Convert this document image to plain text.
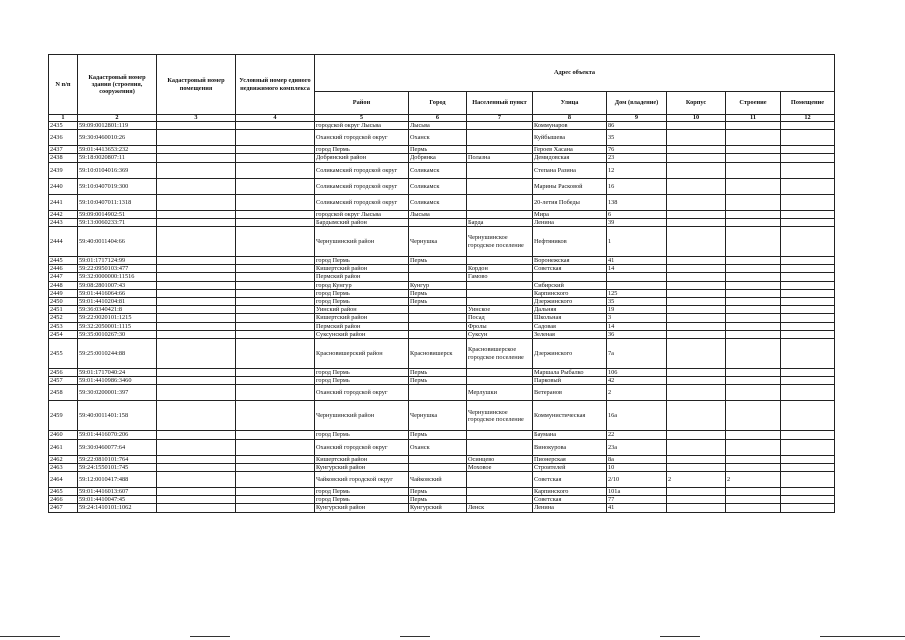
N п/п	Кадастровый номер здания (строения, сооружения)	Кадастровый номер помещения	Условный номер единого недвижимого комплекса	Адрес объекта							
				Район	Город	Населенный пункт	Улица	Дом (владение)	Корпус	Строение	Помещение
1	2	3	4	5	6	7	8	9	10	11	12
2435	59:09:0012801:119			городской округ Лысьва	Лысьва		Коммунаров	86			
2436	59:30:0460010:26			Оханский городской округ	Оханск		Куйбышева	35			
2437	59:01:4413653:232			город Пермь	Пермь		Героев Хасана	76			
2438	59:18:0020807:11			Добрянский район	Добрянка	Полазна	Демидовская	23			
2439	59:10:0104016:369			Соликамский городской округ	Соликамск		Степана Разина	12			
2440	59:10:0407019:300			Соликамский городской округ	Соликамск		Марины Расковой	16			
2441	59:10:0407011:1318			Соликамский городской округ	Соликамск		20-летия Победы	138			
2442	59:09:0014902:51			городской округ Лысьва	Лысьва		Мира	6			
2443	59:13:0060233:71			Бардымский район		Барда	Ленина	39			
2444	59:40:0011404:66			Чернушинский район	Чернушка	Чернушинское городское поселение	Нефтяников	1			
2445	59:01:1717124:99			город Пермь	Пермь		Воронежская	41			
2446	59:22:0950103:477			Кишертский район		Кордон	Советская	14			
2447	59:32:0000000:11516			Пермский район		Гамово					
2448	59:08:2801007:43			город Кунгур	Кунгур		Сибирский				
2449	59:01:4416064:66			город Пермь	Пермь		Карпинского	125			
2450	59:01:4410204:81			город Пермь	Пермь		Дзержинского	35			
2451	59:36:0340421:8			Уинский район		Уинское	Дальняя	19			
2452	59:22:0020101:1215			Кишертский район		Посад	Школьная	3			
2453	59:32:2050001:1115			Пермский район		Фролы	Садовая	14			
2454	59:35:0010267:30			Суксунский район		Суксун	Зеленая	36			
2455	59:25:0010244:88			Красновишерский район	Красновишерск	Красновишерское городское поселение	Дзержинского	7а			
2456	59:01:1717040:24			город Пермь	Пермь		Маршала Рыбалко	106			
2457	59:01:4410986:3460			город Пермь	Пермь		Парковый	42			
2458	59:30:0200001:397			Оханский городской округ		Мерлушки	Ветеранов	2			
2459	59:40:0011401:158			Чернушинский район	Чернушка	Чернушинское городское поселение	Коммунистическая	16а			
2460	59:01:4416070:206			город Пермь	Пермь		Баумана	22			
2461	59:30:0460077:64			Оханский городской округ	Оханск		Винокурова	23а			
2462	59:22:0810101:764			Кишертский район		Осинцево	Пионерская	8а			
2463	59:24:1550101:745			Кунгурский район		Моховое	Строителей	10			
2464	59:12:0010417:488			Чайковский городской округ	Чайковский		Советская	2/10	2	2	
2465	59:01:4416013:607			город Пермь	Пермь		Карпинского	101а			
2466	59:01:4410047:45			город Пермь	Пермь		Советская	77			
2467	59:24:1410101:1062			Кунгурский район	Кунгурский	Ленск	Ленина	41			
